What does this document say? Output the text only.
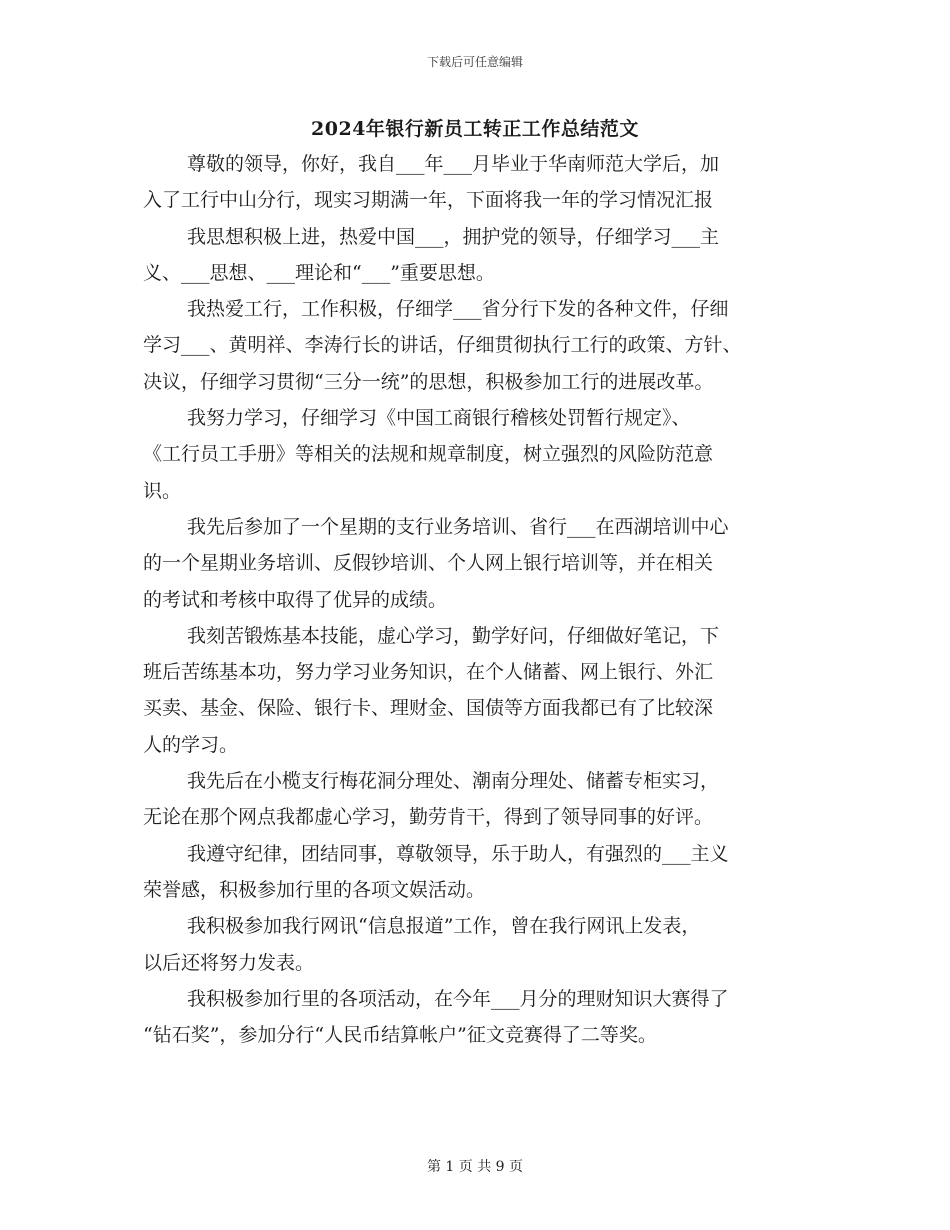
下载后可任意编辑
2024年银行新员工转正工作总结范文
尊敬的领导，你好，我自___年___月毕业于华南师范大学后，加
入了工行中山分行，现实习期满一年，下面将我一年的学习情况汇报
我思想积极上进，热爱中国___，拥护党的领导，仔细学习___主
义、___思想、___理论和“___”重要思想。
我热爱工行，工作积极，仔细学___省分行下发的各种文件，仔细
学习___、黄明祥、李涛行长的讲话，仔细贯彻执行工行的政策、方针、
决议，仔细学习贯彻“三分一统”的思想，积极参加工行的进展改革。
我努力学习，仔细学习《中国工商银行稽核处罚暂行规定》、
《工行员工手册》等相关的法规和规章制度，树立强烈的风险防范意
识。
我先后参加了一个星期的支行业务培训、省行___在西湖培训中心
的一个星期业务培训、反假钞培训、个人网上银行培训等，并在相关
的考试和考核中取得了优异的成绩。
我刻苦锻炼基本技能，虚心学习，勤学好问，仔细做好笔记，下
班后苦练基本功，努力学习业务知识，在个人储蓄、网上银行、外汇
买卖、基金、保险、银行卡、理财金、国债等方面我都已有了比较深
人的学习。
我先后在小榄支行梅花洞分理处、潮南分理处、储蓄专柜实习，
无论在那个网点我都虚心学习，勤劳肯干，得到了领导同事的好评。
我遵守纪律，团结同事，尊敬领导，乐于助人，有强烈的___主义
荣誉感，积极参加行里的各项文娱活动。
我积极参加我行网讯“信息报道”工作，曾在我行网讯上发表，
以后还将努力发表。
我积极参加行里的各项活动，在今年___月分的理财知识大赛得了
“钻石奖”，参加分行“人民币结算帐户”征文竞赛得了二等奖。
第 1 页 共 9 页
